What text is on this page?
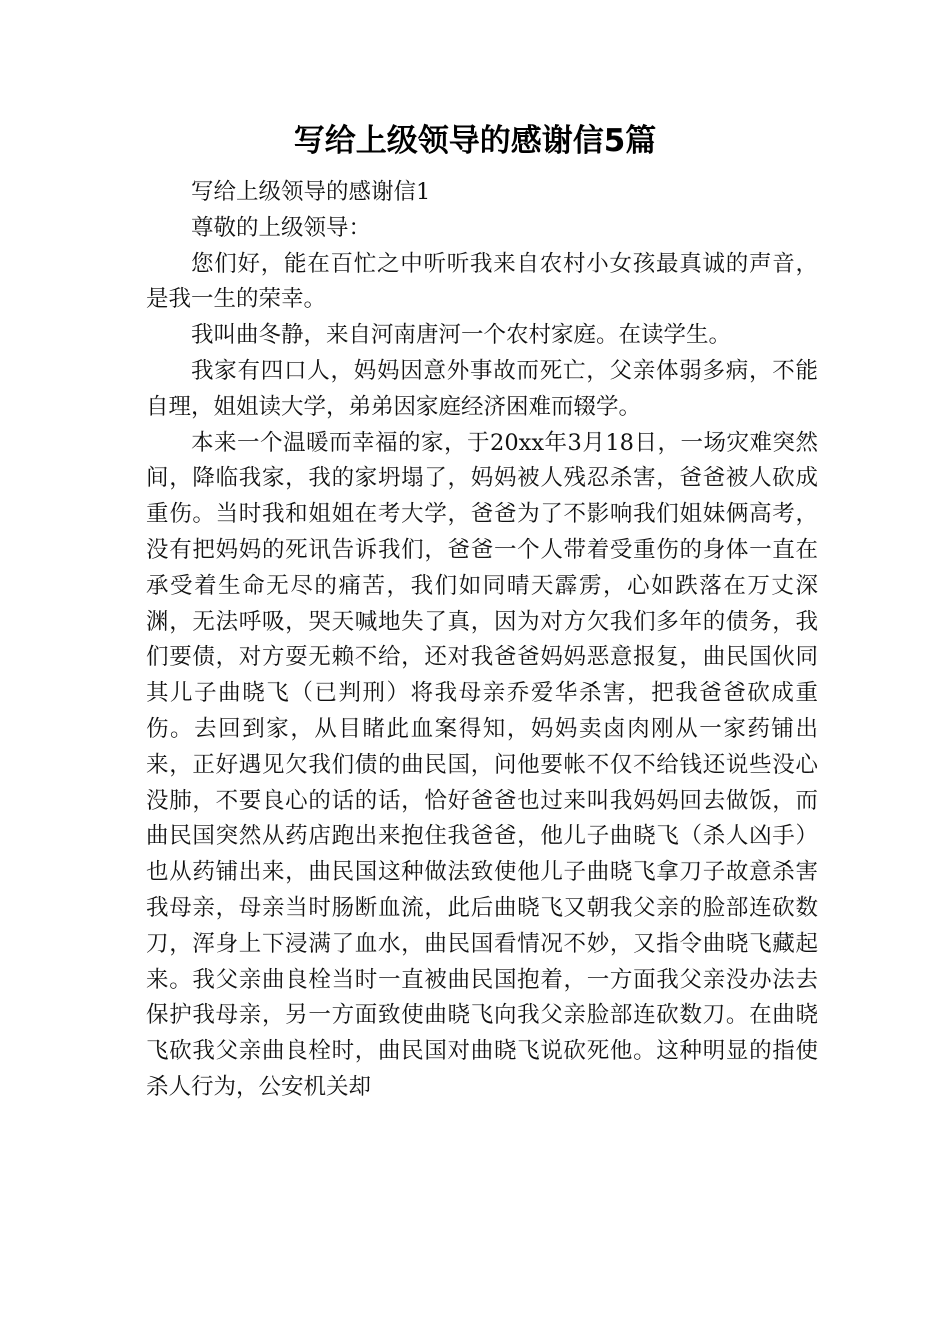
写给上级领导的感谢信5篇

写给上级领导的感谢信1

尊敬的上级领导：

您们好，能在百忙之中听听我来自农村小女孩最真诚的声音，是我一生的荣幸。

我叫曲冬静，来自河南唐河一个农村家庭。在读学生。

我家有四口人，妈妈因意外事故而死亡，父亲体弱多病，不能自理，姐姐读大学，弟弟因家庭经济困难而辍学。

本来一个温暖而幸福的家，于20xx年3月18日，一场灾难突然间，降临我家，我的家坍塌了，妈妈被人残忍杀害，爸爸被人砍成重伤。当时我和姐姐在考大学，爸爸为了不影响我们姐妹俩高考，没有把妈妈的死讯告诉我们，爸爸一个人带着受重伤的身体一直在承受着生命无尽的痛苦，我们如同晴天霹雳，心如跌落在万丈深渊，无法呼吸，哭天喊地失了真，因为对方欠我们多年的债务，我们要债，对方耍无赖不给，还对我爸爸妈妈恶意报复，曲民国伙同其儿子曲晓飞（已判刑）将我母亲乔爱华杀害，把我爸爸砍成重伤。去回到家，从目睹此血案得知，妈妈卖卤肉刚从一家药铺出来，正好遇见欠我们债的曲民国，问他要帐不仅不给钱还说些没心没肺，不要良心的话的话，恰好爸爸也过来叫我妈妈回去做饭，而曲民国突然从药店跑出来抱住我爸爸，他儿子曲晓飞（杀人凶手）也从药铺出来，曲民国这种做法致使他儿子曲晓飞拿刀子故意杀害我母亲，母亲当时肠断血流，此后曲晓飞又朝我父亲的脸部连砍数刀，浑身上下浸满了血水，曲民国看情况不妙，又指令曲晓飞藏起来。我父亲曲良栓当时一直被曲民国抱着，一方面我父亲没办法去保护我母亲，另一方面致使曲晓飞向我父亲脸部连砍数刀。在曲晓飞砍我父亲曲良栓时，曲民国对曲晓飞说砍死他。这种明显的指使杀人行为，公安机关却
